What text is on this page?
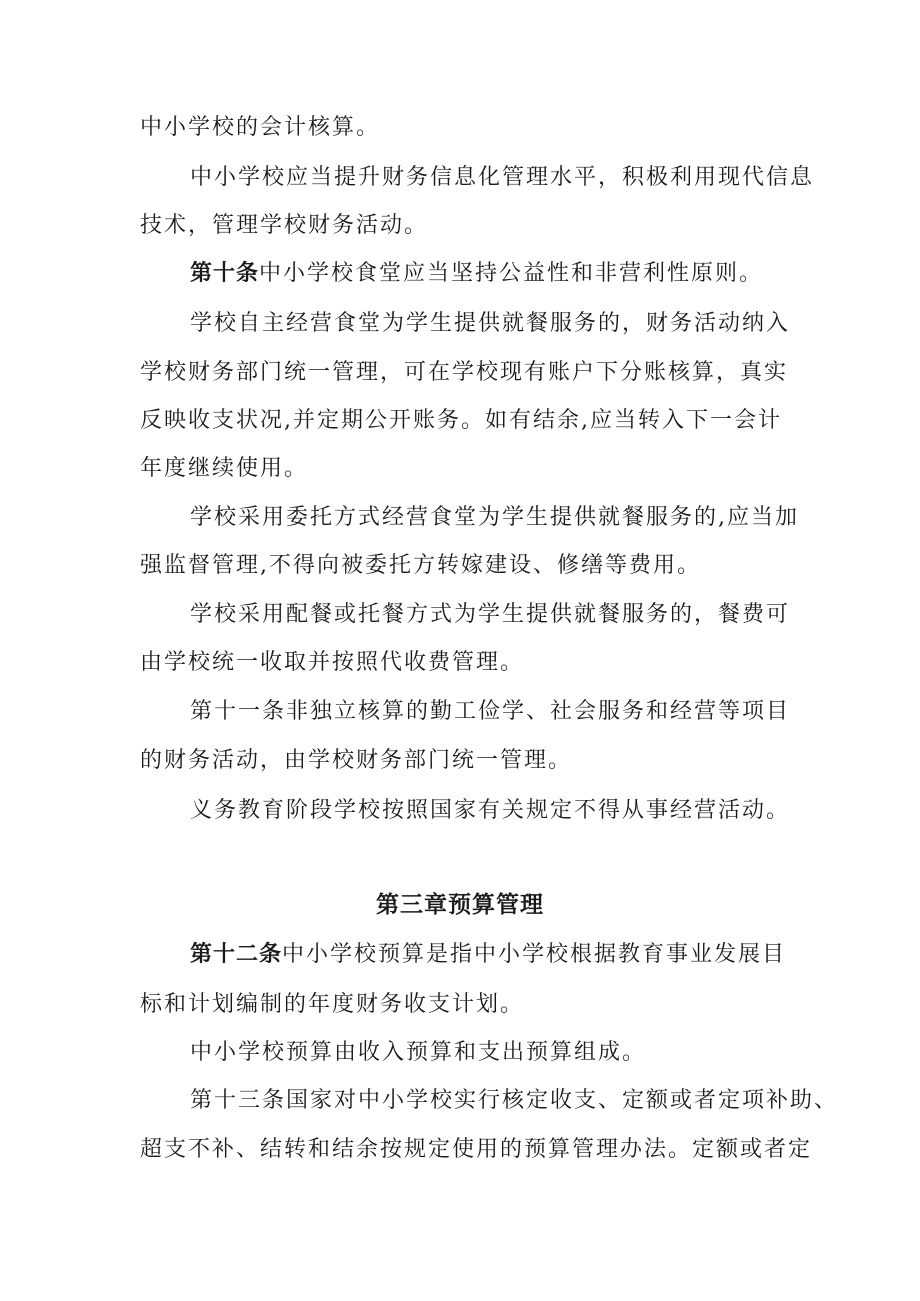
中小学校的会计核算。
中小学校应当提升财务信息化管理水平，积极利用现代信息
技术，管理学校财务活动。
第十条中小学校食堂应当坚持公益性和非营利性原则。
学校自主经营食堂为学生提供就餐服务的，财务活动纳入
学校财务部门统一管理，可在学校现有账户下分账核算，真实
反映收支状况,并定期公开账务。如有结余,应当转入下一会计
年度继续使用。
学校采用委托方式经营食堂为学生提供就餐服务的,应当加
强监督管理,不得向被委托方转嫁建设、修缮等费用。
学校采用配餐或托餐方式为学生提供就餐服务的，餐费可
由学校统一收取并按照代收费管理。
第十一条非独立核算的勤工俭学、社会服务和经营等项目
的财务活动，由学校财务部门统一管理。
义务教育阶段学校按照国家有关规定不得从事经营活动。
第三章预算管理
第十二条中小学校预算是指中小学校根据教育事业发展目
标和计划编制的年度财务收支计划。
中小学校预算由收入预算和支出预算组成。
第十三条国家对中小学校实行核定收支、定额或者定项补助、
超支不补、结转和结余按规定使用的预算管理办法。定额或者定
